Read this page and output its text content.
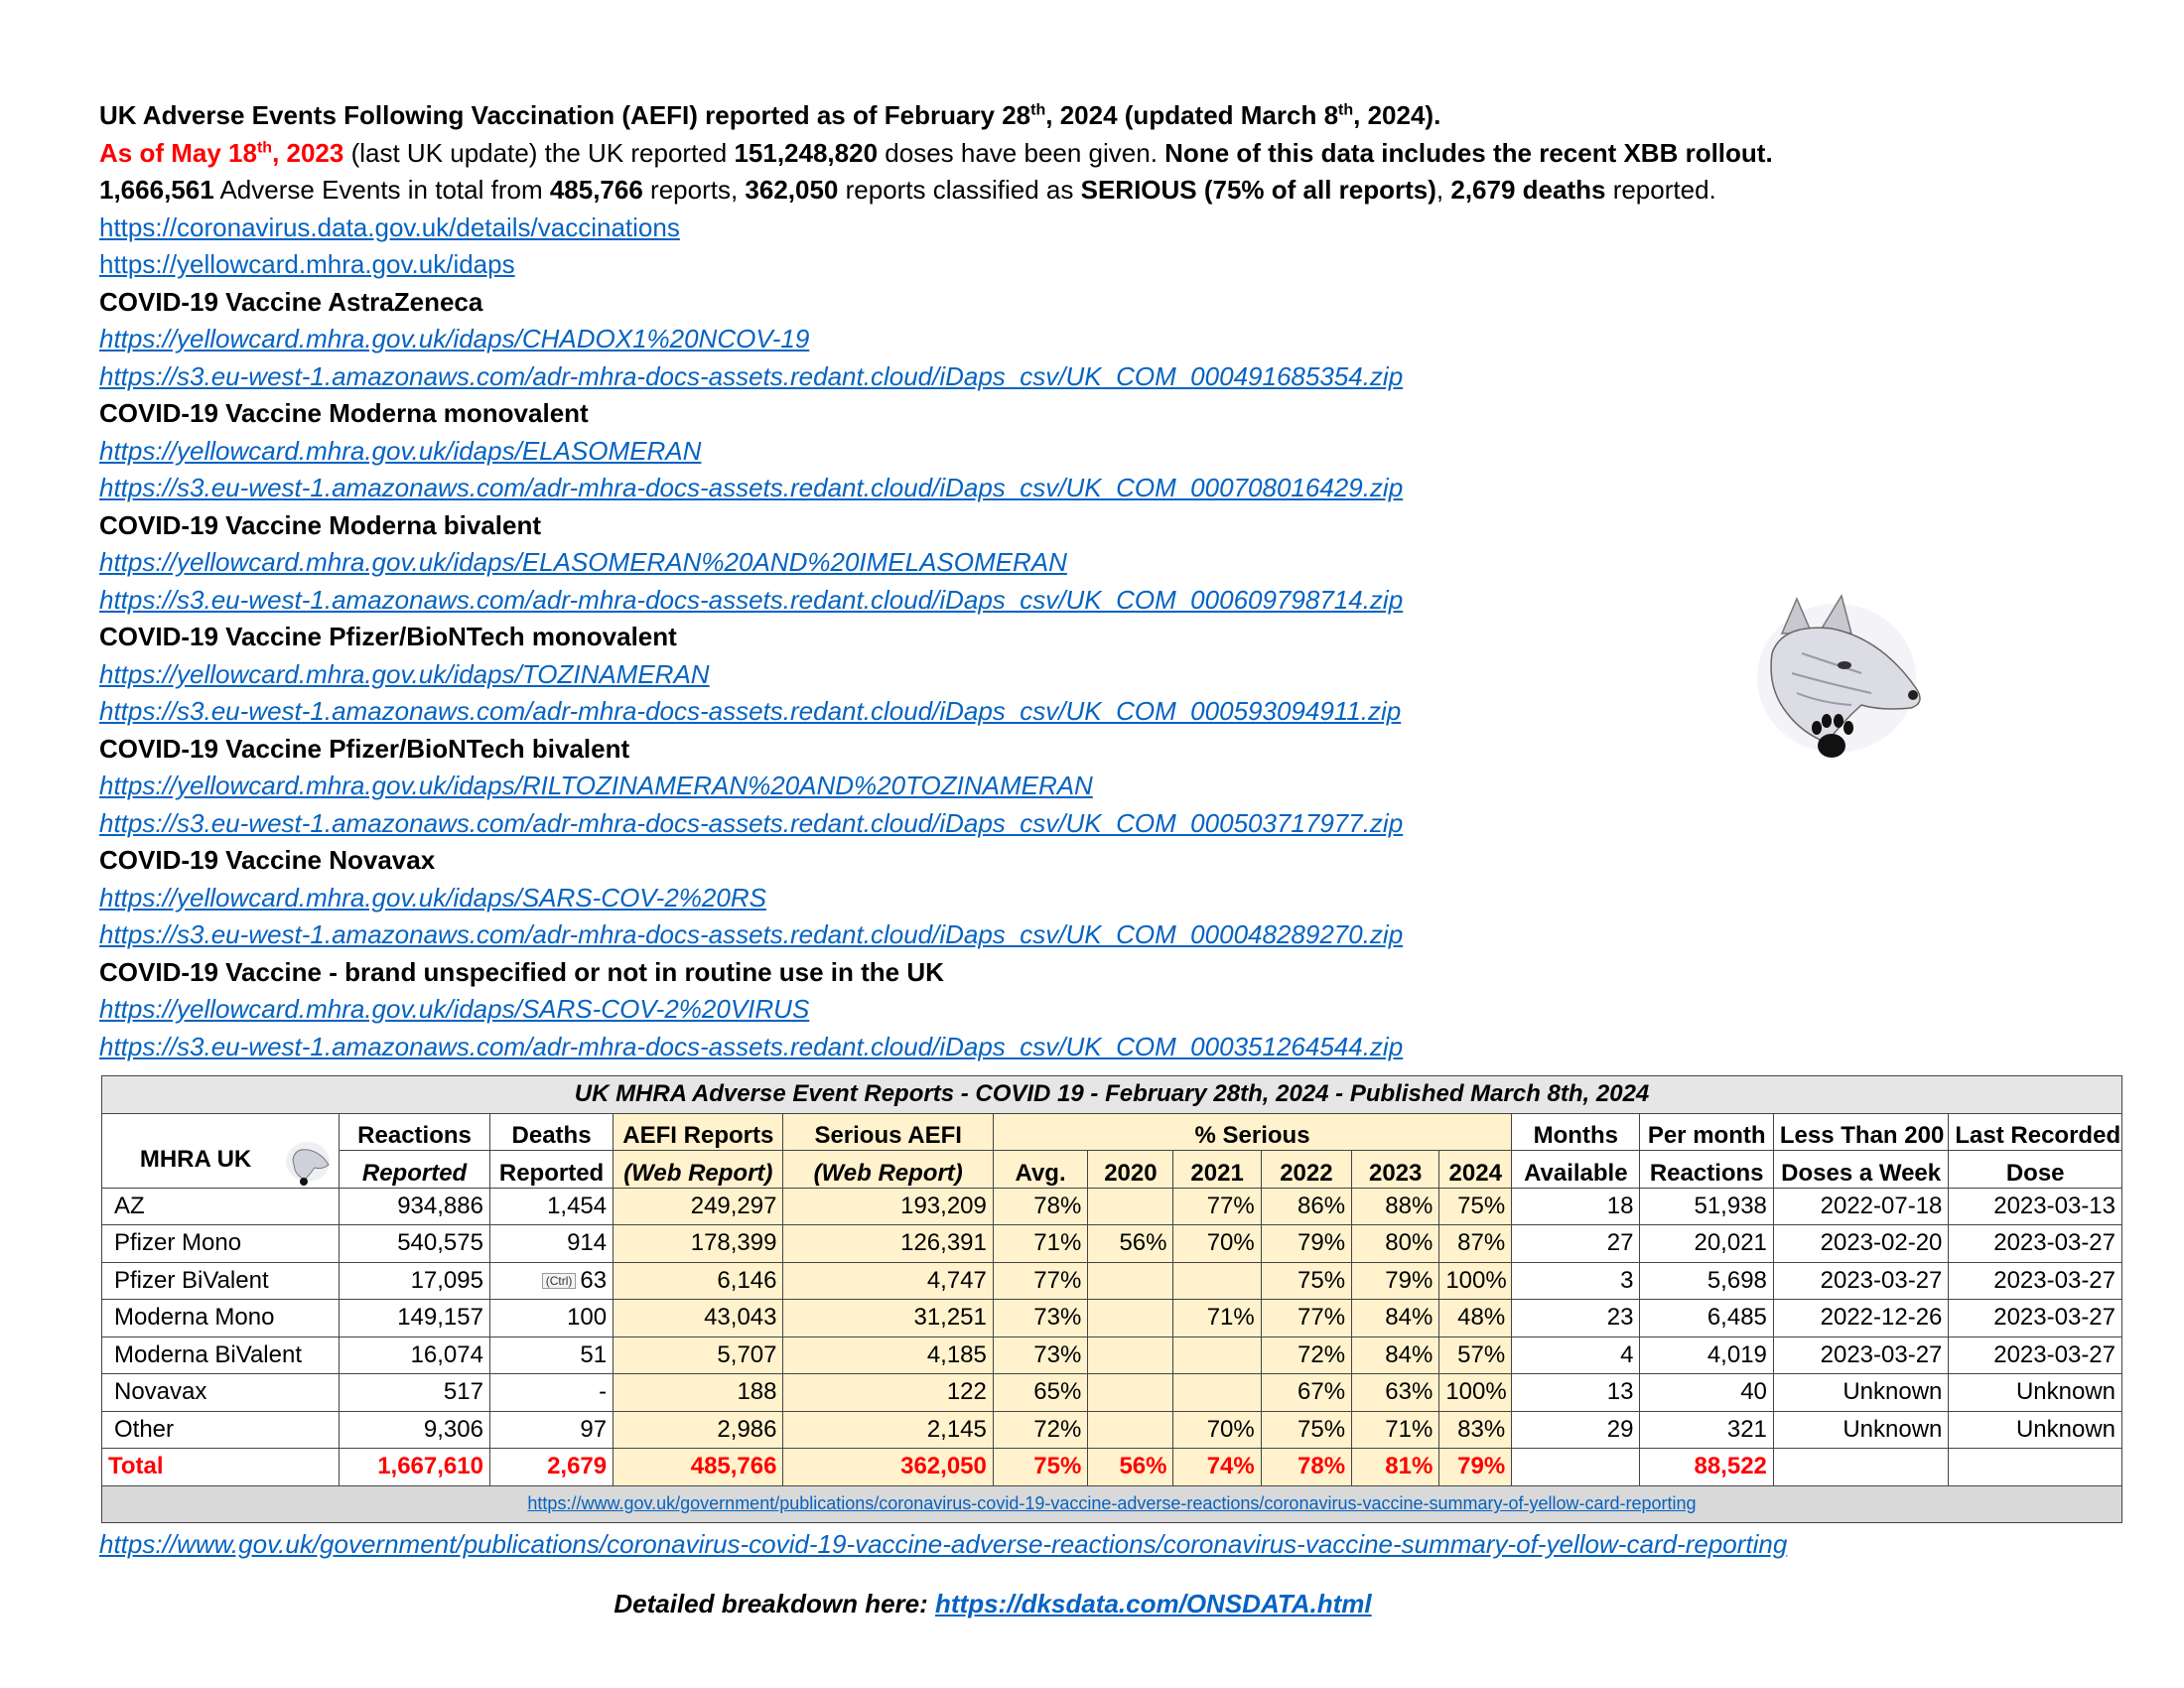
UK Adverse Events Following Vaccination (AEFI) reported as of February 28th, 2024 (updated March 8th, 2024).
As of May 18th, 2023 (last UK update) the UK reported 151,248,820 doses have been given. None of this data includes the recent XBB rollout.
1,666,561 Adverse Events in total from 485,766 reports, 362,050 reports classified as SERIOUS (75% of all reports), 2,679 deaths reported.
https://coronavirus.data.gov.uk/details/vaccinations
https://yellowcard.mhra.gov.uk/idaps
COVID-19 Vaccine AstraZeneca
https://yellowcard.mhra.gov.uk/idaps/CHADOX1%20NCOV-19
https://s3.eu-west-1.amazonaws.com/adr-mhra-docs-assets.redant.cloud/iDaps_csv/UK_COM_000491685354.zip
COVID-19 Vaccine Moderna monovalent
https://yellowcard.mhra.gov.uk/idaps/ELASOMERAN
https://s3.eu-west-1.amazonaws.com/adr-mhra-docs-assets.redant.cloud/iDaps_csv/UK_COM_000708016429.zip
COVID-19 Vaccine Moderna bivalent
https://yellowcard.mhra.gov.uk/idaps/ELASOMERAN%20AND%20IMELASOMERAN
https://s3.eu-west-1.amazonaws.com/adr-mhra-docs-assets.redant.cloud/iDaps_csv/UK_COM_000609798714.zip
COVID-19 Vaccine Pfizer/BioNTech monovalent
https://yellowcard.mhra.gov.uk/idaps/TOZINAMERAN
https://s3.eu-west-1.amazonaws.com/adr-mhra-docs-assets.redant.cloud/iDaps_csv/UK_COM_000593094911.zip
COVID-19 Vaccine Pfizer/BioNTech bivalent
https://yellowcard.mhra.gov.uk/idaps/RILTOZINAMERAN%20AND%20TOZINAMERAN
https://s3.eu-west-1.amazonaws.com/adr-mhra-docs-assets.redant.cloud/iDaps_csv/UK_COM_000503717977.zip
COVID-19 Vaccine Novavax
https://yellowcard.mhra.gov.uk/idaps/SARS-COV-2%20RS
https://s3.eu-west-1.amazonaws.com/adr-mhra-docs-assets.redant.cloud/iDaps_csv/UK_COM_000048289270.zip
COVID-19 Vaccine - brand unspecified or not in routine use in the UK
https://yellowcard.mhra.gov.uk/idaps/SARS-COV-2%20VIRUS
https://s3.eu-west-1.amazonaws.com/adr-mhra-docs-assets.redant.cloud/iDaps_csv/UK_COM_000351264544.zip
UK MHRA Adverse Event Reports - COVID 19 - February 28th, 2024 - Published March 8th, 2024														
MHRA UK	Reactions	Deaths	AEFI Reports	Serious AEFI	% Serious						Months	Per month	Less Than 200	Last Recorded
	Reported	Reported	(Web Report)	(Web Report)	Avg.	2020	2021	2022	2023	2024	Available	Reactions	Doses a Week	Dose
AZ	934,886	1,454	249,297	193,209	78%		77%	86%	88%	75%	18	51,938	2022-07-18	2023-03-13
Pfizer Mono	540,575	914	178,399	126,391	71%	56%	70%	79%	80%	87%	27	20,021	2023-02-20	2023-03-27
Pfizer BiValent	17,095	(Ctrl) 63	6,146	4,747	77%			75%	79%	100%	3	5,698	2023-03-27	2023-03-27
Moderna Mono	149,157	100	43,043	31,251	73%		71%	77%	84%	48%	23	6,485	2022-12-26	2023-03-27
Moderna BiValent	16,074	51	5,707	4,185	73%			72%	84%	57%	4	4,019	2023-03-27	2023-03-27
Novavax	517	-	188	122	65%			67%	63%	100%	13	40	Unknown	Unknown
Other	9,306	97	2,986	2,145	72%		70%	75%	71%	83%	29	321	Unknown	Unknown
Total	1,667,610	2,679	485,766	362,050	75%	56%	74%	78%	81%	79%		88,522		
https://www.gov.uk/government/publications/coronavirus-covid-19-vaccine-adverse-reactions/coronavirus-vaccine-summary-of-yellow-card-reporting														
https://www.gov.uk/government/publications/coronavirus-covid-19-vaccine-adverse-reactions/coronavirus-vaccine-summary-of-yellow-card-reporting
Detailed breakdown here: https://dksdata.com/ONSDATA.html
